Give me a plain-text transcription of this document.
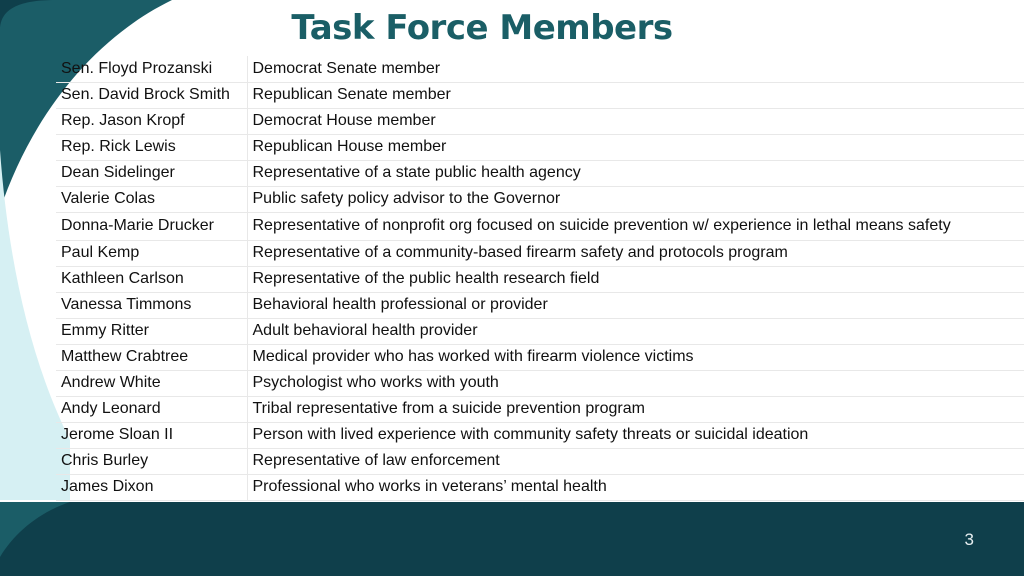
Task Force Members
Sen. Floyd Prozanski	Democrat Senate member
Sen. David Brock Smith	Republican Senate member
Rep. Jason Kropf	Democrat House member
Rep. Rick Lewis	Republican House member
Dean Sidelinger	Representative of a state public health agency
Valerie Colas	Public safety policy advisor to the Governor
Donna-Marie Drucker	Representative of nonprofit org focused on suicide prevention w/ experience in lethal means safety
Paul Kemp	Representative of a community-based firearm safety and protocols program
Kathleen Carlson	Representative of the public health research field
Vanessa Timmons	Behavioral health professional or provider
Emmy Ritter	Adult behavioral health provider
Matthew Crabtree	Medical provider who has worked with firearm violence victims
Andrew White	Psychologist who works with youth
Andy Leonard	Tribal representative from a suicide prevention program
Jerome Sloan II	Person with lived experience with community safety threats or suicidal ideation
Chris Burley	Representative of law enforcement
James Dixon	Professional who works in veterans’ mental health
3
